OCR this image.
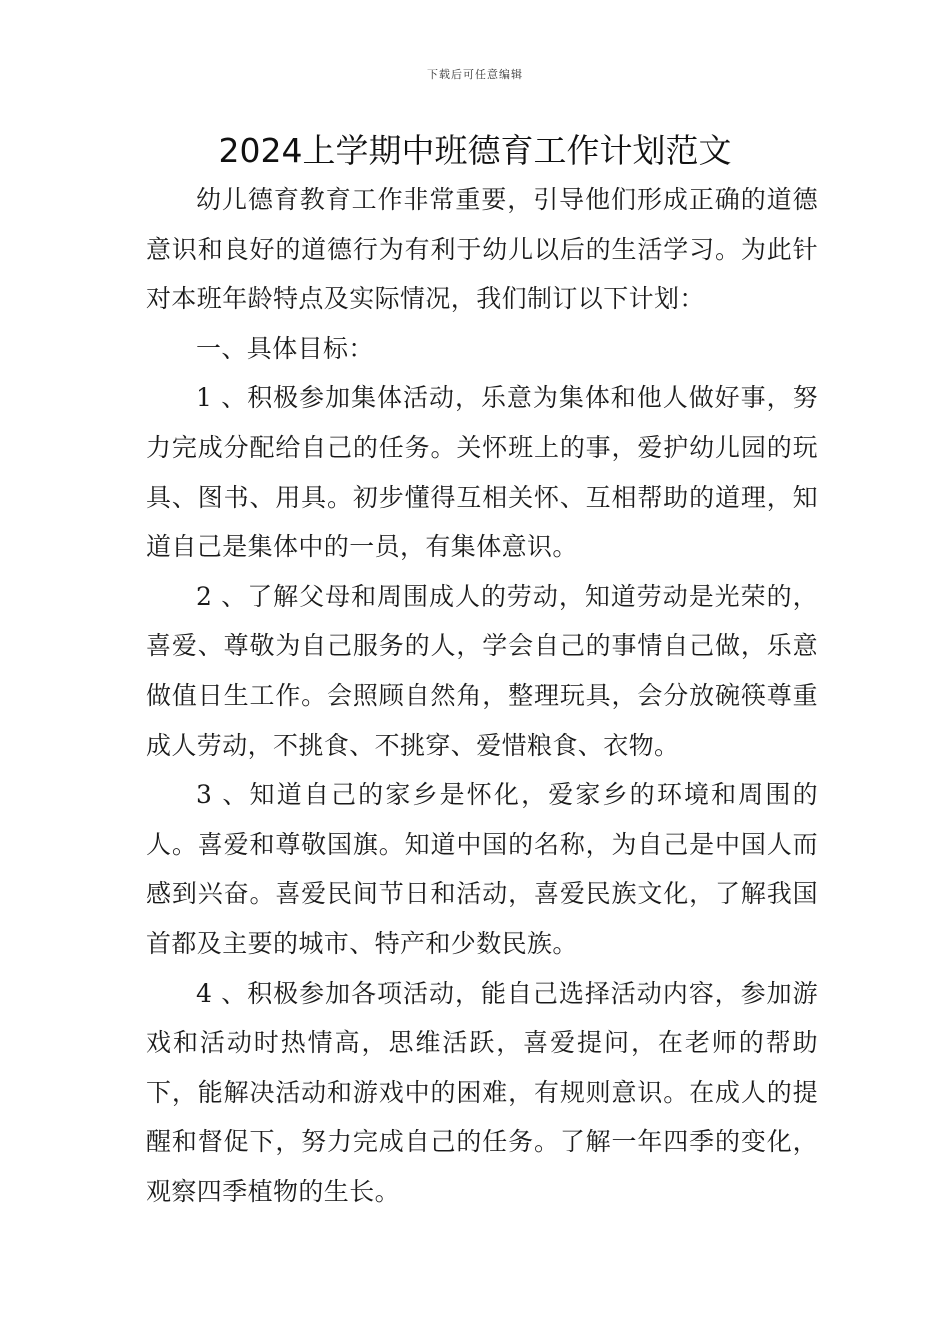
下载后可任意编辑
2024上学期中班德育工作计划范文

幼儿德育教育工作非常重要，引导他们形成正确的道德意识和良好的道德行为有利于幼儿以后的生活学习。为此针对本班年龄特点及实际情况，我们制订以下计划：

一、具体目标：

1 、积极参加集体活动，乐意为集体和他人做好事，努力完成分配给自己的任务。关怀班上的事，爱护幼儿园的玩具、图书、用具。初步懂得互相关怀、互相帮助的道理，知道自己是集体中的一员，有集体意识。

2 、了解父母和周围成人的劳动，知道劳动是光荣的，喜爱、尊敬为自己服务的人，学会自己的事情自己做，乐意做值日生工作。会照顾自然角，整理玩具，会分放碗筷尊重成人劳动，不挑食、不挑穿、爱惜粮食、衣物。

3 、知道自己的家乡是怀化，爱家乡的环境和周围的人。喜爱和尊敬国旗。知道中国的名称，为自己是中国人而感到兴奋。喜爱民间节日和活动，喜爱民族文化，了解我国首都及主要的城市、特产和少数民族。

4 、积极参加各项活动，能自己选择活动内容，参加游戏和活动时热情高，思维活跃，喜爱提问，在老师的帮助下，能解决活动和游戏中的困难，有规则意识。在成人的提醒和督促下，努力完成自己的任务。了解一年四季的变化，观察四季植物的生长。
